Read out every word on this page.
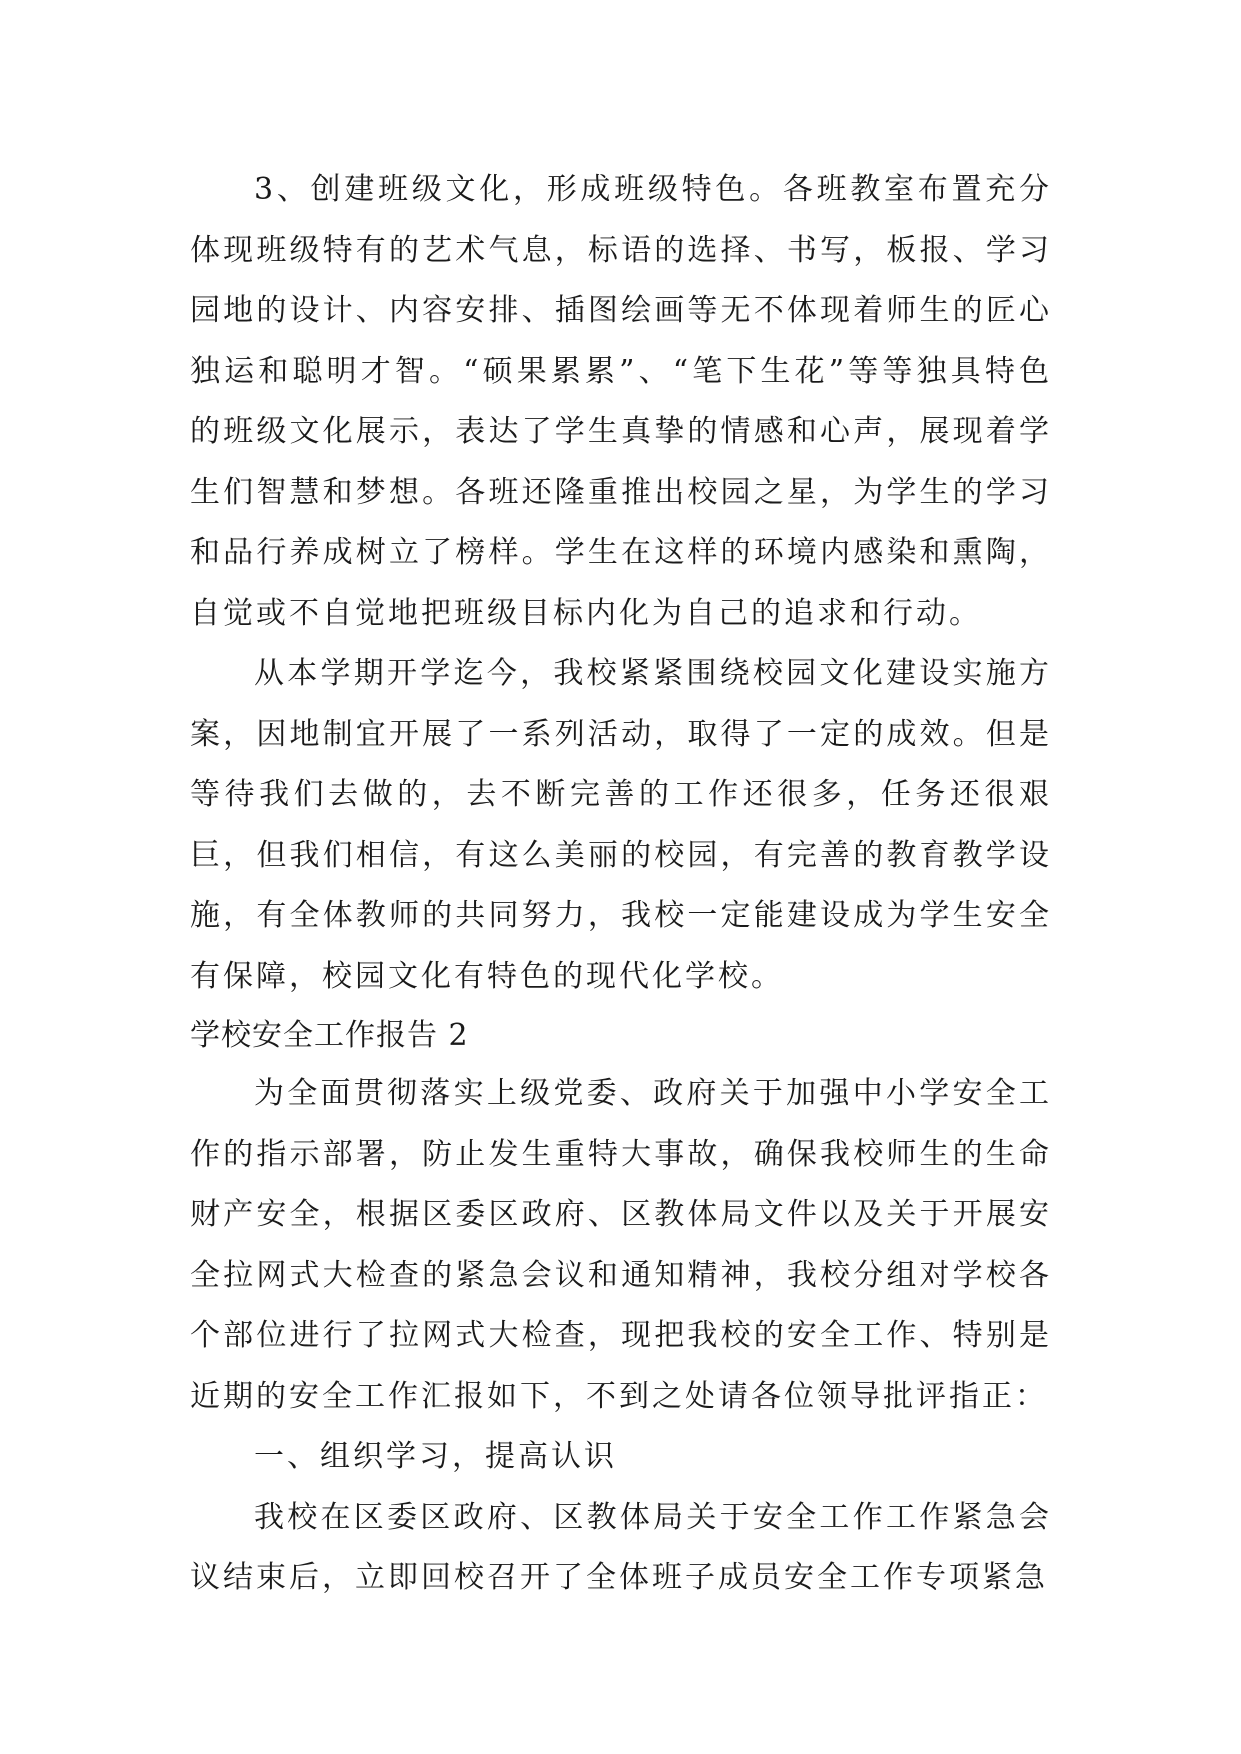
3、创建班级文化，形成班级特色。各班教室布置充分体现班级特有的艺术气息，标语的选择、书写，板报、学习园地的设计、内容安排、插图绘画等无不体现着师生的匠心独运和聪明才智。“硕果累累”、“笔下生花”等等独具特色的班级文化展示，表达了学生真挚的情感和心声，展现着学生们智慧和梦想。各班还隆重推出校园之星，为学生的学习和品行养成树立了榜样。学生在这样的环境内感染和熏陶，自觉或不自觉地把班级目标内化为自己的追求和行动。

从本学期开学迄今，我校紧紧围绕校园文化建设实施方案，因地制宜开展了一系列活动，取得了一定的成效。但是等待我们去做的，去不断完善的工作还很多，任务还很艰巨，但我们相信，有这么美丽的校园，有完善的教育教学设施，有全体教师的共同努力，我校一定能建设成为学生安全有保障，校园文化有特色的现代化学校。

学校安全工作报告 2

为全面贯彻落实上级党委、政府关于加强中小学安全工作的指示部署，防止发生重特大事故，确保我校师生的生命财产安全，根据区委区政府、区教体局文件以及关于开展安全拉网式大检查的紧急会议和通知精神，我校分组对学校各个部位进行了拉网式大检查，现把我校的安全工作、特别是近期的安全工作汇报如下，不到之处请各位领导批评指正：

一、组织学习，提高认识

我校在区委区政府、区教体局关于安全工作工作紧急会议结束后，立即回校召开了全体班子成员安全工作专项紧急
